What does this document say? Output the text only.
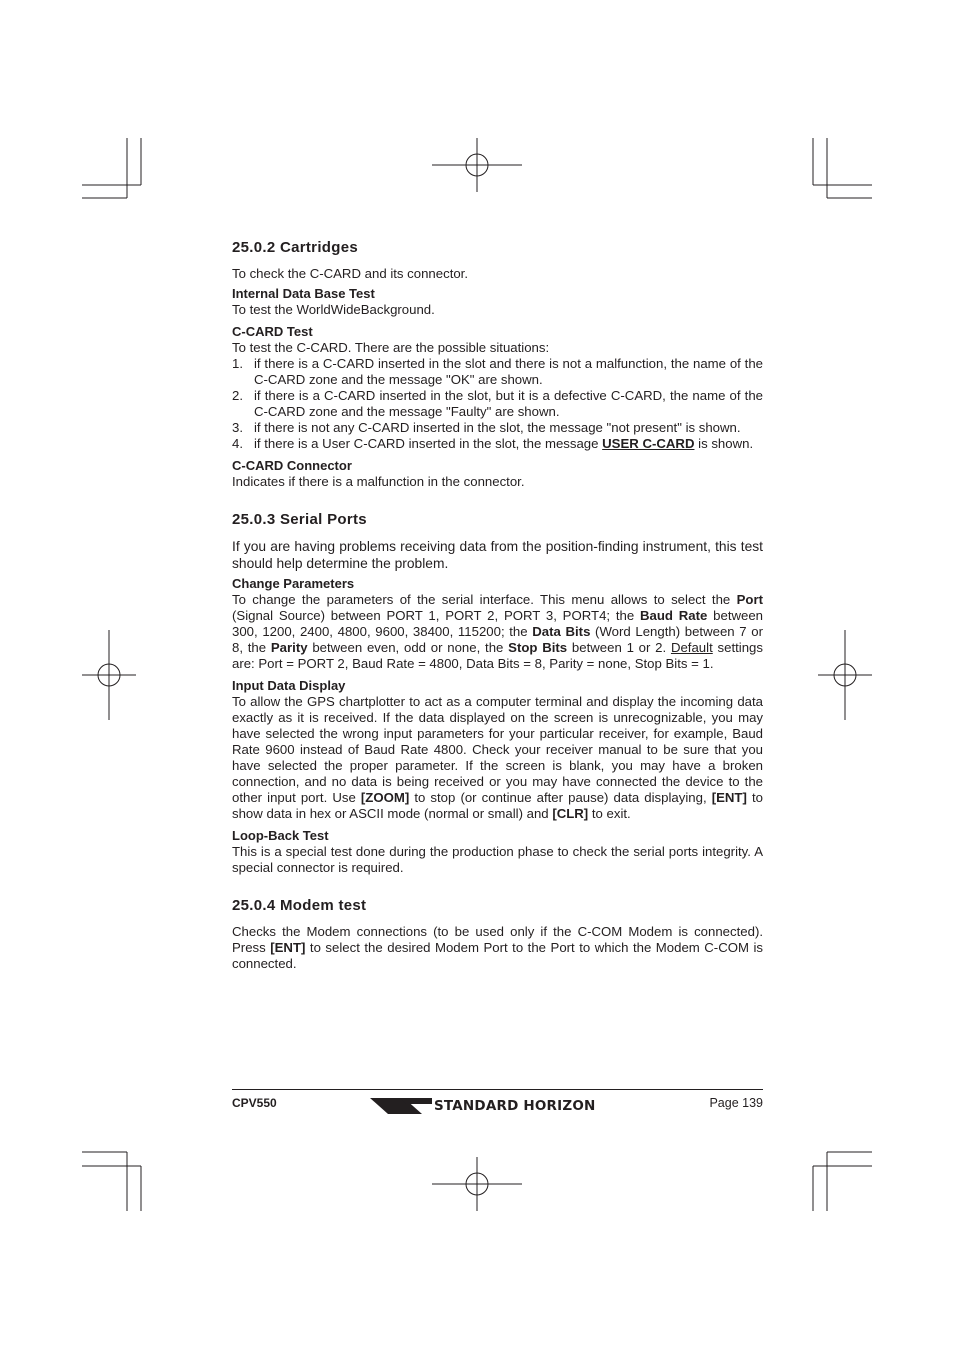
25.0.2 Cartridges

To check the C-CARD and its connector.

Internal Data Base Test

To test the WorldWideBackground.

C-CARD Test

To test the C-CARD. There are the possible situations:

1. if there is a C-CARD inserted in the slot and there is not a malfunction, the name of the C-CARD zone and the message "OK" are shown.
2. if there is a C-CARD inserted in the slot, but it is a defective C-CARD, the name of the C-CARD zone and the message "Faulty" are shown.
3. if there is not any C-CARD inserted in the slot, the message "not present" is shown.
4. if there is a User C-CARD inserted in the slot, the message USER C-CARD is shown.

C-CARD Connector

Indicates if there is a malfunction in the connector.

25.0.3 Serial Ports

If you are having problems receiving data from the position-finding instrument, this test should help determine the problem.

Change Parameters

To change the parameters of the serial interface. This menu allows to select the Port (Signal Source) between PORT 1, PORT 2, PORT 3, PORT4; the Baud Rate between 300, 1200, 2400, 4800, 9600, 38400, 115200; the Data Bits (Word Length) between 7 or 8, the Parity between even, odd or none, the Stop Bits between 1 or 2. Default settings are: Port = PORT 2, Baud Rate = 4800, Data Bits = 8, Parity = none, Stop Bits = 1.

Input Data Display

To allow the GPS chartplotter to act as a computer terminal and display the incoming data exactly as it is received. If the data displayed on the screen is unrecognizable, you may have selected the wrong input parameters for your particular receiver, for example, Baud Rate 9600 instead of Baud Rate 4800. Check your receiver manual to be sure that you have selected the proper parameter. If the screen is blank, you may have a broken connection, and no data is being received or you may have connected the device to the other input port. Use [ZOOM] to stop (or continue after pause) data displaying, [ENT] to show data in hex or ASCII mode (normal or small) and [CLR] to exit.

Loop-Back Test

This is a special test done during the production phase to check the serial ports integrity. A special connector is required.

25.0.4 Modem test

Checks the Modem connections (to be used only if the C-COM Modem is connected). Press [ENT] to select the desired Modem Port to the Port to which the Modem C-COM is connected.

CPV550	STANDARD HORIZON	Page 139
